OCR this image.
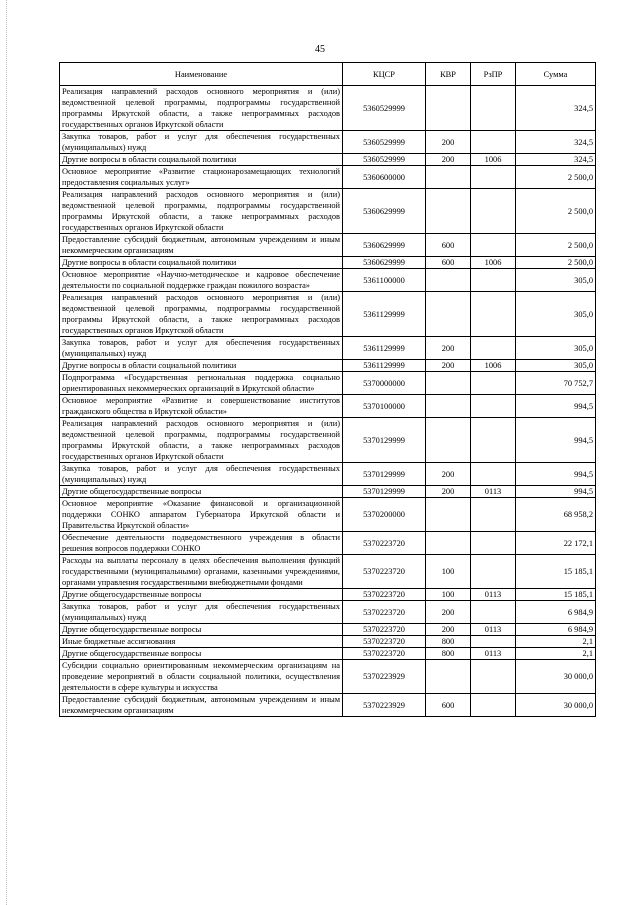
45
Наименование	КЦСР	КВР	РзПР	Сумма
Реализация направлений расходов основного мероприятия и (или) ведомственной целевой программы, подпрограммы государственной программы Иркутской области, а также непрограммных расходов государственных органов Иркутской области	5360529999			324,5
Закупка товаров, работ и услуг для обеспечения государственных (муниципальных) нужд	5360529999	200		324,5
Другие вопросы в области социальной политики	5360529999	200	1006	324,5
Основное мероприятие «Развитие стационарозамещающих технологий предоставления социальных услуг»	5360600000			2 500,0
Реализация направлений расходов основного мероприятия и (или) ведомственной целевой программы, подпрограммы государственной программы Иркутской области, а также непрограммных расходов государственных органов Иркутской области	5360629999			2 500,0
Предоставление субсидий бюджетным, автономным учреждениям и иным некоммерческим организациям	5360629999	600		2 500,0
Другие вопросы в области социальной политики	5360629999	600	1006	2 500,0
Основное мероприятие «Научно-методическое и кадровое обеспечение деятельности по социальной поддержке граждан пожилого возраста»	5361100000			305,0
Реализация направлений расходов основного мероприятия и (или) ведомственной целевой программы, подпрограммы государственной программы Иркутской области, а также непрограммных расходов государственных органов Иркутской области	5361129999			305,0
Закупка товаров, работ и услуг для обеспечения государственных (муниципальных) нужд	5361129999	200		305,0
Другие вопросы в области социальной политики	5361129999	200	1006	305,0
Подпрограмма «Государственная региональная поддержка социально ориентированных некоммерческих организаций в Иркутской области»	5370000000			70 752,7
Основное мероприятие «Развитие и совершенствование институтов гражданского общества в Иркутской области»	5370100000			994,5
Реализация направлений расходов основного мероприятия и (или) ведомственной целевой программы, подпрограммы государственной программы Иркутской области, а также непрограммных расходов государственных органов Иркутской области	5370129999			994,5
Закупка товаров, работ и услуг для обеспечения государственных (муниципальных) нужд	5370129999	200		994,5
Другие общегосударственные вопросы	5370129999	200	0113	994,5
Основное мероприятие «Оказание финансовой и организационной поддержки СОНКО аппаратом Губернатора Иркутской области и Правительства Иркутской области»	5370200000			68 958,2
Обеспечение деятельности подведомственного учреждения в области решения вопросов поддержки СОНКО	5370223720			22 172,1
Расходы на выплаты персоналу в целях обеспечения выполнения функций государственными (муниципальными) органами, казенными учреждениями, органами управления государственными внебюджетными фондами	5370223720	100		15 185,1
Другие общегосударственные вопросы	5370223720	100	0113	15 185,1
Закупка товаров, работ и услуг для обеспечения государственных (муниципальных) нужд	5370223720	200		6 984,9
Другие общегосударственные вопросы	5370223720	200	0113	6 984,9
Иные бюджетные ассигнования	5370223720	800		2,1
Другие общегосударственные вопросы	5370223720	800	0113	2,1
Субсидии социально ориентированным некоммерческим организациям на проведение мероприятий в области социальной политики, осуществления деятельности в сфере культуры и искусства	5370223929			30 000,0
Предоставление субсидий бюджетным, автономным учреждениям и иным некоммерческим организациям	5370223929	600		30 000,0
